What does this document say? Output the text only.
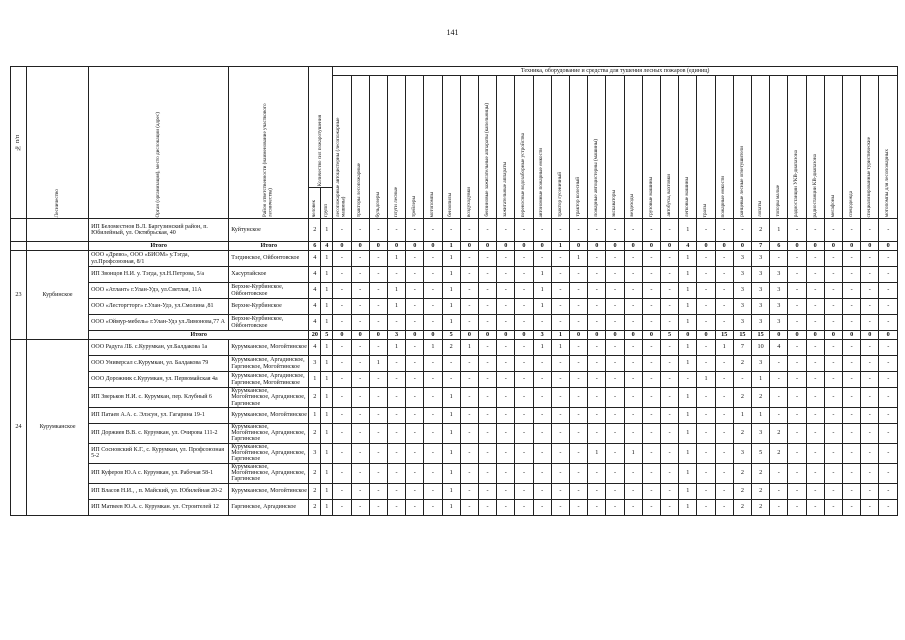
141
№ п/п	Лесничество	Орган (организация), место дислокации (адрес)	Район ответственности (наименование участкового лесничества)	Количество сил пожаротушения		Техника, оборудование и средства для тушения лесных пожаров (единиц)																														

						лесопожарные автоцистерны (лесопожарные машины)	тракторы лесопожарные	бульдозеры	плуги лесные	трейлеры	мотопомпы	бензопилы	воздуходувки	бензиновые зажигательные аппараты (капельницы)	зажигательные аппараты	переносные водозаборные устройства	автономные пожарные емкости	трактор гусеничный	трактор колесный	пожарные автоцистерны (машины)	экскаваторы	вездеходы	грузовые машины	автобусы, вахтовки	легковые машины	тралы	пожарные емкости	ранцевые лесные огнетушители	лопаты	топоры малые	радиостанции УКВ-диапазона	радиостанции КВ-диапазона	мегафоны	спецодежда	специализированные туристические	мотопомпы для лесопожарных

				человек	групп																															

		ИП Беломестнов В.Л. Баргузинский район, п. Юбилейный, ул. Октябрьская, 40	Куйтунское	2	1	-	-	-	-	-	-	-	-	-	-	-	-	-	-	-	-	-	-	-	1	-	-	-	2	1	-	-	-	-	-	-
		Итого	Итого	6	4	0	0	0	0	0	0	1	0	0	0	0	0	1	0	0	0	0	0	0	4	0	0	0	7	6	0	0	0	0	0	0
23	Курбинское	ООО «Древо», ООО «БИОМ» у.Тэгда, ул.Профсоюзная, 8/1	Тэгдинское, Ойбонтовское	4	1	-	-	-	1	-	-	1	-	-	-	-	-	-	1	-	-	-	-	-	1	-	-	3	3	-	-	-	-	-	-	-
		ИП Звонцов Н.И. у. Тэгда, ул.Н.Петрова, 5/а	Хасуртайское	4	1	-	-	-	-	-	-	1	-	-	-	-	1	-	-	-	-	-	-	-	1	-	-	3	3	3	-	-	-	-	-	-
		ООО «Атлант» г.Улан-Удэ, ул.Светлая, 11А	Верхне-Курбинское, Ойбонтовское	4	1	-	-	-	1	-	-	1	-	-	-	-	1	-	-	-	-	-	-	-	1	-	-	3	3	3	-	-	-	-	-	-
		ООО «Лесторгторг» г.Улан-Удэ, ул.Смолина ,81	Верхне-Курбинское	4	1	-	-	-	1	-	-	1	-	-	-	-	1	-	-	-	-	-	-	-	1	-	-	3	3	3	-	-	-	-	-	-
		ООО «Оймур-мебель» г.Улан-Удэ ул.Лимонова,77 А	Верхне-Курбинское, Ойбонтовское	4	1	-	-	-	-	-	-	1	-	-	-	-	-	-	-	-	-	-	-	-	1	-	-	3	3	3	-	-	-	-	-	-
		Итого		20	5	0	0	0	3	0	0	5	0	0	0	0	3	1	0	0	0	0	0	5	0	0	15	15	15	0	0	0	0	0	0	0
24	Курумканское	ООО Радуга ЛБ. с.Курумкан, ул.Балдакова 1а	Курумканское, Могойтинское	4	1	-	-	-	1	-	1	2	1	-	-	-	1	1	-	-	-	-	-	-	1	-	1	7	10	4	-	-	-	-	-	-
		ООО Универсал с.Курумкан, ул. Балдакова 79	Курумканское, Аргадинское, Гаргинское, Могойтинское	3	1	-	-	1	-	-	-	-	-	-	-	-	-	-	-	-	-	-	-	-	1	-	-	2	3	-	-	-	-	-	-	-
		ООО Дорожник с.Курумкан, ул. Первомайская 4а	Курумканское, Аргадинское, Гаргинское, Могойтинское	1	1	-	-	-	-	-	-	-	-	-	-	-	-	-	-	-	-	-	-	-	-	1	-	-	1	-	-	-	-	-	-	-
		ИП Зверьков Н.И. с. Курумкан, пер. Клубный 6	Курумканское, Могойтинское, Аргадинское, Гаргинское	2	1	-	-	-	-	-	-	1	-	-	-	-	-	-	-	-	-	-	-	-	1	-	-	2	2	-	-	-	-	-	-	-
		ИП Патаев А.А. с. Элэсун, ул. Гагарина 19-1	Курумканское, Могойтинское	1	1	-	-	-	-	-	-	1	-	-	-	-	-	-	-	-	-	-	-	-	1	-	-	1	1	-	-	-	-	-	-	-
		ИП Доржиев В.В. с. Курумкан, ул. Очирова 111-2	Курумканское, Могойтинское, Аргадинское, Гаргинское	2	1	-	-	-	-	-	-	1	-	-	-	-	-	-	-	-	-	-	-	-	1	-	-	2	3	2	-	-	-	-	-	-
		ИП Сосновский К.Г., с. Курумкан, ул. Профсоюзная 5-2	Курумканское, Могойтинское, Аргадинское, Гаргинское	3	1	-	-	-	-	-	-	1	-	-	-	-	-	-	-	1	-	1	-	-	1	-	-	3	5	2	-	-	-	-	-	-
		ИП Куферов Ю.А с. Курумкан, ул. Рабочая 58-1	Курумканское, Могойтинское, Аргадинское, Гаргинское	2	1	-	-	-	-	-	-	1	-	-	-	-	-	-	-	-	-	-	-	-	1	-	-	2	2	-	-	-	-	-	-	-
		ИП Власов Н.И., , п. Майский, ул. Юбилейная 20-2	Курумканское, Могойтинское	2	1	-	-	-	-	-	-	1	-	-	-	-	-	-	-	-	-	-	-	-	1	-	-	2	2	-	-	-	-	-	-	-
		ИП Матвеев Ю.А. с. Курумкан. ул. Строителей 12	Гаргинское, Аргадинское	2	1	-	-	-	-	-	-	1	-	-	-	-	-	-	-	-	-	-	-	-	1	-	-	2	2	-	-	-	-	-	-	-
